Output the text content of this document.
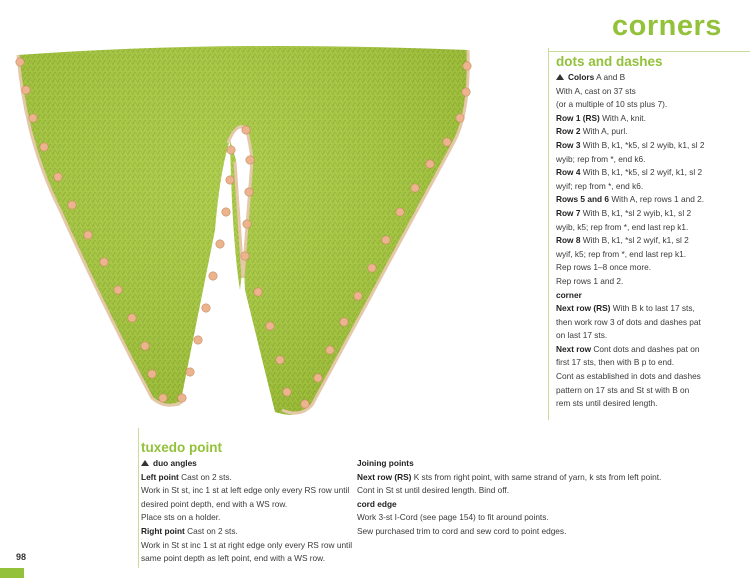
corners
dots and dashes

Colors A and B

With A, cast on 37 sts

(or a multiple of 10 sts plus 7).

Row 1 (RS) With A, knit.

Row 2 With A, purl.

Row 3 With B, k1, *k5, sl 2 wyib, k1, sl 2

wyib; rep from *, end k6.

Row 4 With B, k1, *k5, sl 2 wyif, k1, sl 2

wyif; rep from *, end k6.

Rows 5 and 6 With A, rep rows 1 and 2.

Row 7 With B, k1, *sl 2 wyib, k1, sl 2

wyib, k5; rep from *, end last rep k1.

Row 8 With B, k1, *sl 2 wyif, k1, sl 2

wyif, k5; rep from *, end last rep k1.

Rep rows 1–8 once more.

Rep rows 1 and 2.

corner

Next row (RS) With B k to last 17 sts,

then work row 3 of dots and dashes pat

on last 17 sts.

Next row Cont dots and dashes pat on

first 17 sts, then with B p to end.

Cont as established in dots and dashes

pattern on 17 sts and St st with B on

rem sts until desired length.

tuxedo point

duo angles

Left point Cast on 2 sts.

Work in St st, inc 1 st at left edge only every RS row until

desired point depth, end with a WS row.

Place sts on a holder.

Right point Cast on 2 sts.

Work in St st inc 1 st at right edge only every RS row until

same point depth as left point, end with a WS row.

Joining points

Next row (RS) K sts from right point, with same strand of yarn, k sts from left point.

Cont in St st until desired length. Bind off.

cord edge

Work 3-st I-Cord (see page 154) to fit around points.

Sew purchased trim to cord and sew cord to point edges.

98
